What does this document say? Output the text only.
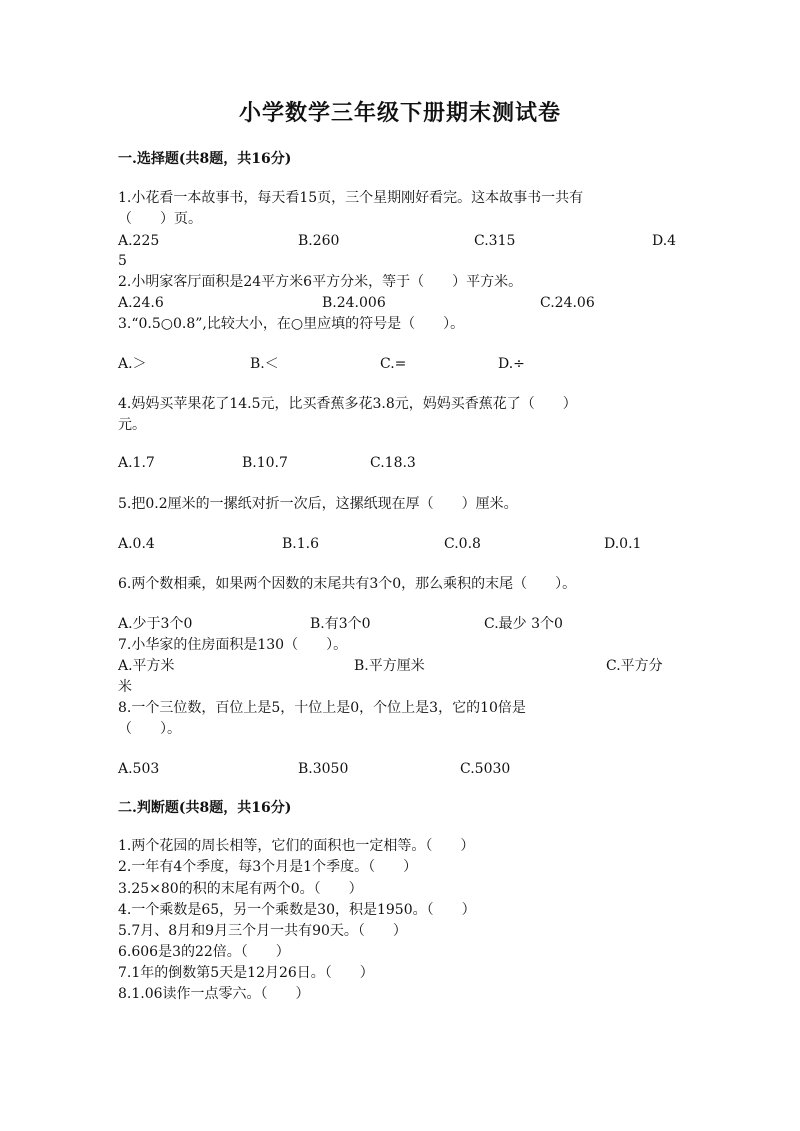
小学数学三年级下册期末测试卷
一.选择题(共8题，共16分)
1.小花看一本故事书，每天看15页，三个星期刚好看完。这本故事书一共有
（　　）页。
A.225	B.260	C.315	D.4
5
2.小明家客厅面积是24平方米6平方分米，等于（　　）平方米。
A.24.6	B.24.006	C.24.06
3.“0.5○0.8”,比较大小，在○里应填的符号是（　　）。
A.＞	B.＜	C.=	D.÷
4.妈妈买苹果花了14.5元，比买香蕉多花3.8元，妈妈买香蕉花了（　　）
元。
A.1.7	B.10.7	C.18.3
5.把0.2厘米的一摞纸对折一次后，这摞纸现在厚（　　）厘米。
A.0.4	B.1.6	C.0.8	D.0.1
6.两个数相乘，如果两个因数的末尾共有3个0，那么乘积的末尾（　　）。
A.少于3个0	B.有3个0	C.最少 3个0
7.小华家的住房面积是130（　　）。
A.平方米	B.平方厘米	C.平方分
米
8.一个三位数，百位上是5，十位上是0，个位上是3，它的10倍是
（　　）。
A.503	B.3050	C.5030
二.判断题(共8题，共16分)
1.两个花园的周长相等，它们的面积也一定相等。（　　）
2.一年有4个季度，每3个月是1个季度。（　　）
3.25×80的积的末尾有两个0。（　　）
4.一个乘数是65，另一个乘数是30，积是1950。（　　）
5.7月、8月和9月三个月一共有90天。（　　）
6.606是3的22倍。（　　）
7.1年的倒数第5天是12月26日。（　　）
8.1.06读作一点零六。（　　）
